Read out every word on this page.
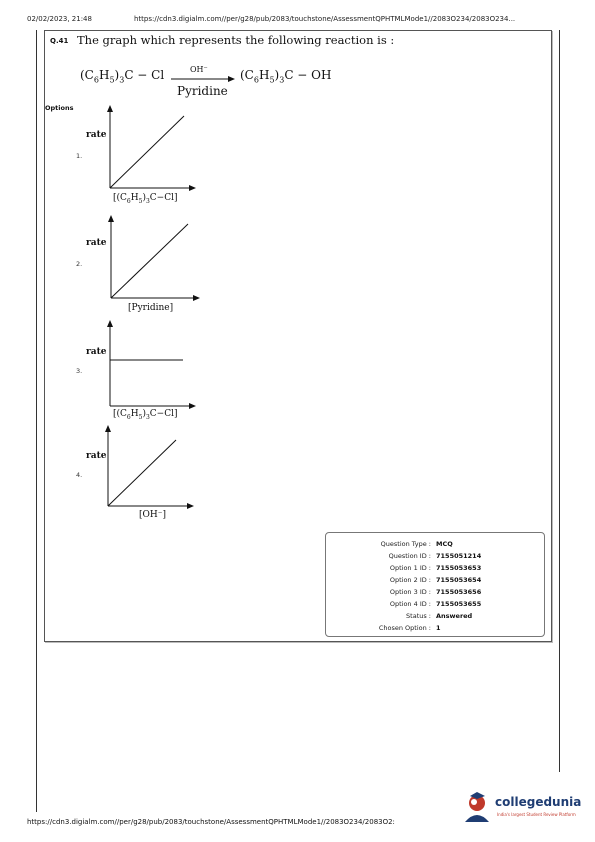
02/02/2023, 21:48	https://cdn3.digialm.com//per/g28/pub/2083/touchstone/AssessmentQPHTMLMode1//2083O234/2083O234...
Q.41 The graph which represents the following reaction is :
$(C_6H_5)_3C - Cl$	OH⁻
Pyridine
$(C_6H_5)_3C$ − OH
Options
1.
rate
$[(C_6H_5)_3C-Cl]$
2.
rate
[Pyridine]
3.
rate
$[(C_6H_5)_3C-Cl]$
4.
rate
[OH⁻]
Question Type : MCQ
Question ID : 7155051214
Option 1 ID : 7155053653
Option 2 ID : 7155053654
Option 3 ID : 7155053656
Option 4 ID : 7155053655
Status : Answered
Chosen Option : 1
https://cdn3.digialm.com//per/g28/pub/2083/touchstone/AssessmentQPHTMLMode1//2083O234/2083O2:
collegedunia
India's largest Student Review Platform
